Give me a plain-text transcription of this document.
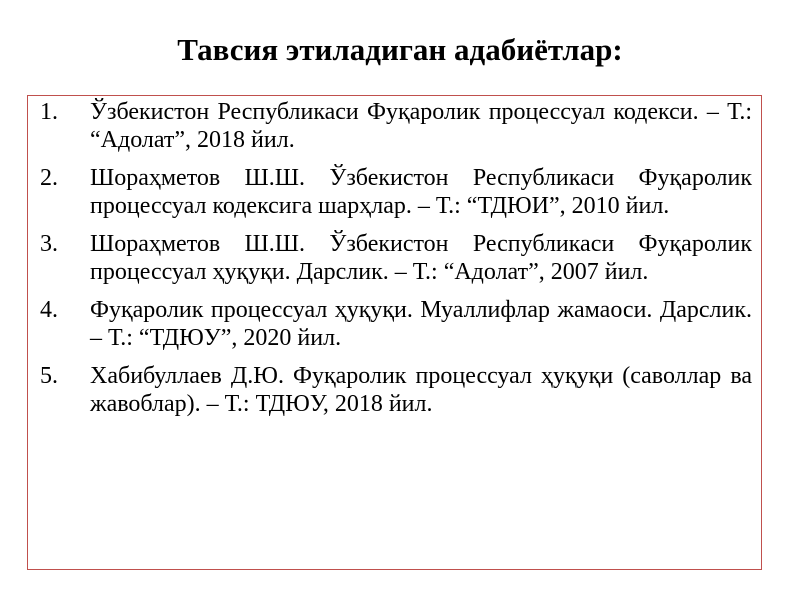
Тавсия этиладиган адабиётлар:
1.	Ўзбекистон Республикаси Фуқаролик процессуал кодекси. – Т.: “Адолат”, 2018 йил.
2.	Шораҳметов Ш.Ш. Ўзбекистон Республикаси Фуқаролик процессуал кодексига шарҳлар. – Т.: “ТДЮИ”, 2010 йил.
3.	Шораҳметов Ш.Ш. Ўзбекистон Республикаси Фуқаролик процессуал ҳуқуқи. Дарслик. – Т.: “Адолат”, 2007 йил.
4.	Фуқаролик процессуал ҳуқуқи. Муаллифлар жамаоси. Дарслик. – Т.: “ТДЮУ”, 2020 йил.
5.	Хабибуллаев Д.Ю. Фуқаролик процессуал ҳуқуқи (саволлар ва жавоблар). – Т.: ТДЮУ, 2018 йил.
